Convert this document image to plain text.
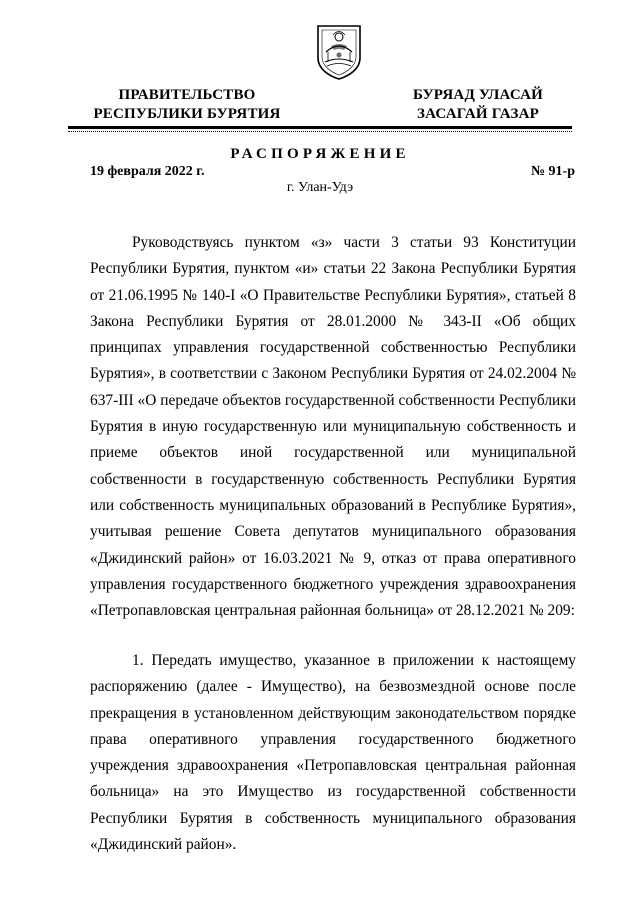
ПРАВИТЕЛЬСТВО
РЕСПУБЛИКИ БУРЯТИЯ
БУРЯАД УЛАСАЙ
ЗАСАГАЙ ГАЗАР
РАСПОРЯЖЕНИЕ
19 февраля 2022 г.	№ 91-р
г. Улан-Удэ

Руководствуясь пунктом «з» части 3 статьи 93 Конституции Республики Бурятия, пунктом «и» статьи 22 Закона Республики Бурятия от 21.06.1995 № 140-I «О Правительстве Республики Бурятия», статьей 8 Закона Республики Бурятия от 28.01.2000 № 343-II «Об общих принципах управления государственной собственностью Республики Бурятия», в соответствии с Законом Республики Бурятия от 24.02.2004 № 637-III «О передаче объектов государственной собственности Республики Бурятия в иную государственную или муниципальную собственность и приеме объектов иной государственной или муниципальной собственности в государственную собственность Республики Бурятия или собственность муниципальных образований в Республике Бурятия», учитывая решение Совета депутатов муниципального образования «Джидинский район» от 16.03.2021 № 9, отказ от права оперативного управления государственного бюджетного учреждения здравоохранения «Петропавловская центральная районная больница» от 28.12.2021 № 209:

1. Передать имущество, указанное в приложении к настоящему распоряжению (далее - Имущество), на безвозмездной основе после прекращения в установленном действующим законодательством порядке права оперативного управления государственного бюджетного учреждения здравоохранения «Петропавловская центральная районная больница» на это Имущество из государственной собственности Республики Бурятия в собственность муниципального образования «Джидинский район».
